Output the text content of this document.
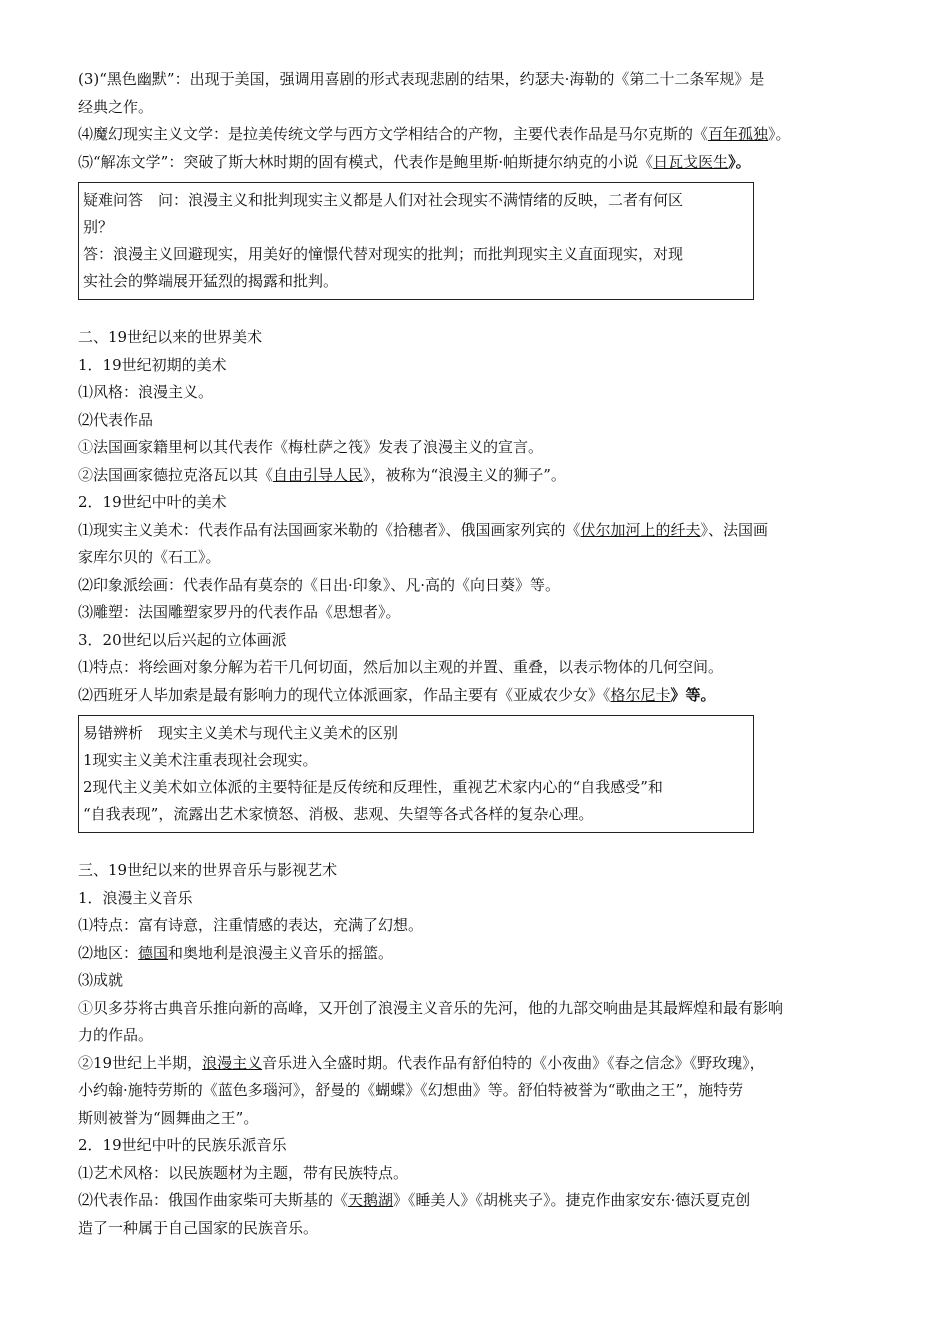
(3)“黑色幽默”：出现于美国，强调用喜剧的形式表现悲剧的结果，约瑟夫·海勒的《第二十二条军规》是
经典之作。
⑷魔幻现实主义文学：是拉美传统文学与西方文学相结合的产物，主要代表作品是马尔克斯的《百年孤独》。
⑸“解冻文学”：突破了斯大林时期的固有模式，代表作是鲍里斯·帕斯捷尔纳克的小说《日瓦戈医生》。
疑难问答　问：浪漫主义和批判现实主义都是人们对社会现实不满情绪的反映，二者有何区
别？
答：浪漫主义回避现实，用美好的憧憬代替对现实的批判；而批判现实主义直面现实，对现
实社会的弊端展开猛烈的揭露和批判。
二、19世纪以来的世界美术
1．19世纪初期的美术
⑴风格：浪漫主义。
⑵代表作品
①法国画家籍里柯以其代表作《梅杜萨之筏》发表了浪漫主义的宣言。
②法国画家德拉克洛瓦以其《自由引导人民》，被称为“浪漫主义的狮子”。
2．19世纪中叶的美术
⑴现实主义美术：代表作品有法国画家米勒的《拾穗者》、俄国画家列宾的《伏尔加河上的纤夫》、法国画
家库尔贝的《石工》。
⑵印象派绘画：代表作品有莫奈的《日出·印象》、凡·高的《向日葵》等。
⑶雕塑：法国雕塑家罗丹的代表作品《思想者》。
3．20世纪以后兴起的立体画派
⑴特点：将绘画对象分解为若干几何切面，然后加以主观的并置、重叠，以表示物体的几何空间。
⑵西班牙人毕加索是最有影响力的现代立体派画家，作品主要有《亚威农少女》《格尔尼卡》等。
易错辨析　现实主义美术与现代主义美术的区别
1现实主义美术注重表现社会现实。
2现代主义美术如立体派的主要特征是反传统和反理性，重视艺术家内心的“自我感受”和
“自我表现”，流露出艺术家愤怒、消极、悲观、失望等各式各样的复杂心理。
三、19世纪以来的世界音乐与影视艺术
1．浪漫主义音乐
⑴特点：富有诗意，注重情感的表达，充满了幻想。
⑵地区：德国和奥地利是浪漫主义音乐的摇篮。
⑶成就
①贝多芬将古典音乐推向新的高峰，又开创了浪漫主义音乐的先河，他的九部交响曲是其最辉煌和最有影响
力的作品。
②19世纪上半期，浪漫主义音乐进入全盛时期。代表作品有舒伯特的《小夜曲》《春之信念》《野玫瑰》，
小约翰·施特劳斯的《蓝色多瑙河》，舒曼的《蝴蝶》《幻想曲》等。舒伯特被誉为“歌曲之王”，施特劳
斯则被誉为“圆舞曲之王”。
2．19世纪中叶的民族乐派音乐
⑴艺术风格：以民族题材为主题，带有民族特点。
⑵代表作品：俄国作曲家柴可夫斯基的《天鹅湖》《睡美人》《胡桃夹子》。捷克作曲家安东·德沃夏克创
造了一种属于自己国家的民族音乐。
